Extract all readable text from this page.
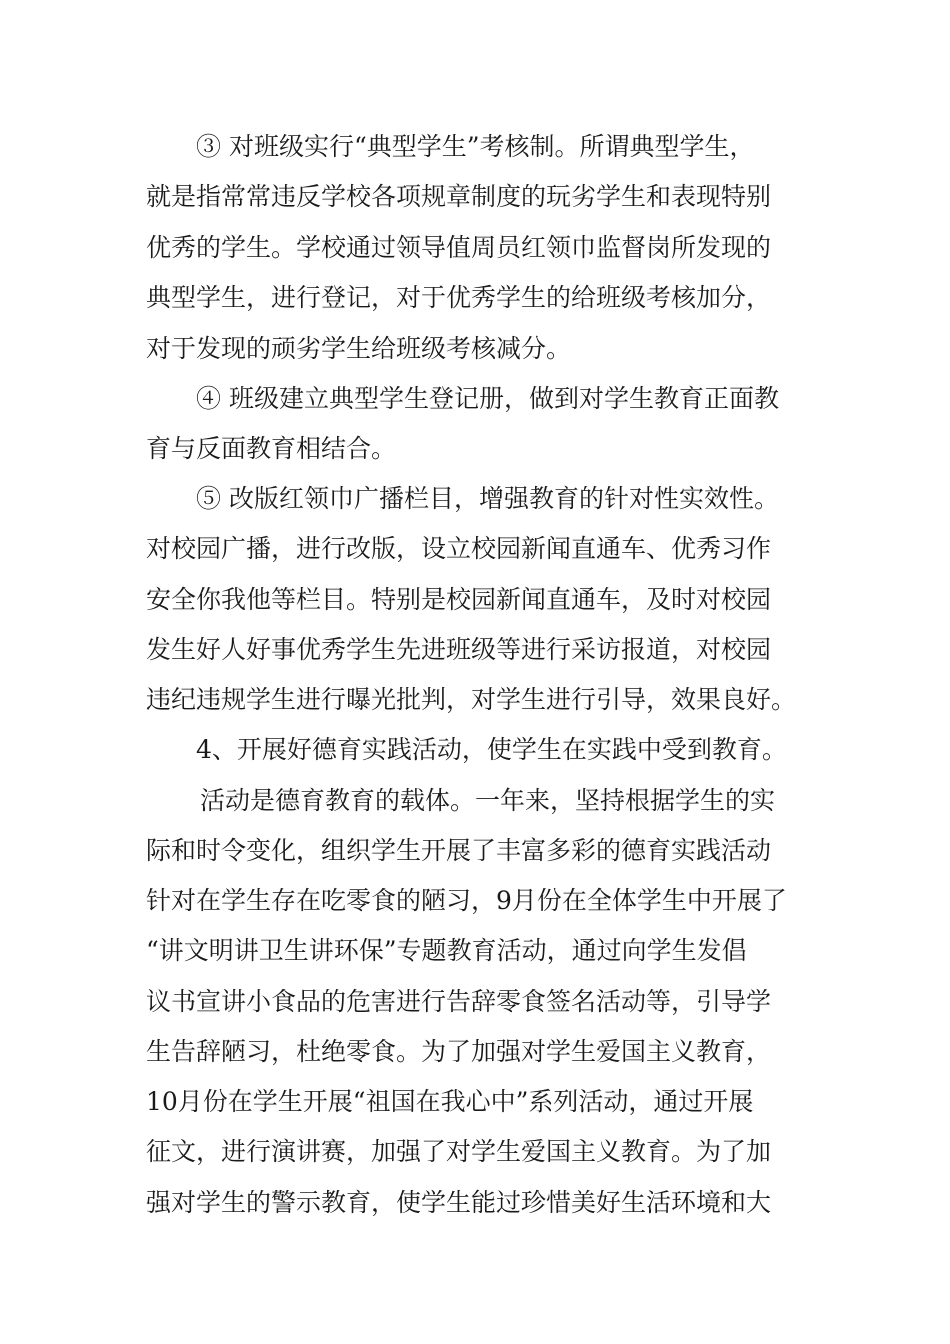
③ 对班级实行“典型学生”考核制。所谓典型学生，

就是指常常违反学校各项规章制度的玩劣学生和表现特别

优秀的学生。学校通过领导值周员红领巾监督岗所发现的

典型学生，进行登记，对于优秀学生的给班级考核加分，

对于发现的顽劣学生给班级考核减分。

④ 班级建立典型学生登记册，做到对学生教育正面教

育与反面教育相结合。

⑤ 改版红领巾广播栏目，增强教育的针对性实效性。

对校园广播，进行改版，设立校园新闻直通车、优秀习作

安全你我他等栏目。特别是校园新闻直通车，及时对校园

发生好人好事优秀学生先进班级等进行采访报道，对校园

违纪违规学生进行曝光批判，对学生进行引导，效果良好。

4、开展好德育实践活动，使学生在实践中受到教育。

活动是德育教育的载体。一年来，坚持根据学生的实

际和时令变化，组织学生开展了丰富多彩的德育实践活动

针对在学生存在吃零食的陋习，9月份在全体学生中开展了

“讲文明讲卫生讲环保”专题教育活动，通过向学生发倡

议书宣讲小食品的危害进行告辞零食签名活动等，引导学

生告辞陋习，杜绝零食。为了加强对学生爱国主义教育，

10月份在学生开展“祖国在我心中”系列活动，通过开展

征文，进行演讲赛，加强了对学生爱国主义教育。为了加

强对学生的警示教育，使学生能过珍惜美好生活环境和大
